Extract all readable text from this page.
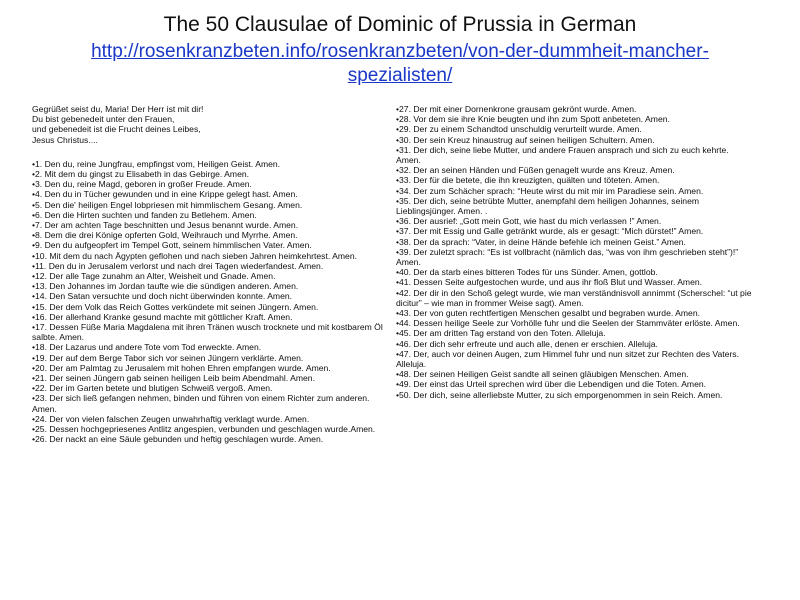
The 50 Clausulae of Dominic of Prussia in German
http://rosenkranzbeten.info/rosenkranzbeten/von-der-dummheit-mancher-
spezialisten/
Gegrüßet seist du, Maria! Der Herr ist mit dir!
Du bist gebenedeit unter den Frauen,
und gebenedeit ist die Frucht deines Leibes,
Jesus Christus....
•1. Den du, reine Jungfrau, empfingst vom, Heiligen Geist. Amen.
•2. Mit dem du gingst zu Elisabeth in das Gebirge. Amen.
•3. Den du, reine Magd, geboren in großer Freude. Amen.
•4. Den du in Tücher gewunden und in eine Krippe gelegt hast. Amen.
•5. Den die' heiligen Engel lobpriesen mit himmlischem Gesang. Amen.
•6. Den die Hirten suchten und fanden zu Betlehem. Amen.
•7. Der am achten Tage beschnitten und Jesus benannt wurde. Amen.
•8. Dem die drei Könige opferten Gold, Weihrauch und Myrrhe. Amen.
•9. Den du aufgeopfert im Tempel Gott, seinem himmlischen Vater. Amen.
•10. Mit dem du nach Ägypten geflohen und nach sieben Jahren heimkehrtest. Amen.
•11. Den du in Jerusalem verlorst und nach drei Tagen wiederfandest. Amen.
•12. Der alle Tage zunahm an Alter, Weisheit und Gnade. Amen.
•13. Den Johannes im Jordan taufte wie die sündigen anderen. Amen.
•14. Den Satan versuchte und doch nicht überwinden konnte. Amen.
•15. Der dem Volk das Reich Gottes verkündete mit seinen Jüngern. Amen.
•16. Der allerhand Kranke gesund machte mit göttlicher Kraft. Amen.
•17. Dessen Füße Maria Magdalena mit ihren Tränen wusch trocknete und mit kostbarem Öl salbte. Amen.
•18. Der Lazarus und andere Tote vom Tod erweckte. Amen.
•19. Der auf dem Berge Tabor sich vor seinen Jüngern verklärte. Amen.
•20. Der am Palmtag zu Jerusalem mit hohen Ehren empfangen wurde. Amen.
•21. Der seinen Jüngern gab seinen heiligen Leib beim Abendmahl. Amen.
•22. Der im Garten betete und blutigen Schweiß vergoß. Amen.
•23. Der sich ließ gefangen nehmen, binden und führen von einem Richter zum anderen. Amen.
•24. Der von vielen falschen Zeugen unwahrhaftig verklagt wurde. Amen.
•25. Dessen hochgepriesenes Antlitz angespien, verbunden und geschlagen wurde.Amen.
•26. Der nackt an eine Säule gebunden und heftig geschlagen wurde. Amen.
•27. Der mit einer Dornenkrone grausam gekrönt wurde. Amen.
•28. Vor dem sie ihre Knie beugten und ihn zum Spott anbeteten. Amen.
•29. Der zu einem Schandtod unschuldig verurteilt wurde. Amen.
•30. Der sein Kreuz hinaustrug auf seinen heiligen Schultern. Amen.
•31. Der dich, seine liebe Mutter, und andere Frauen ansprach und sich zu euch kehrte. Amen.
•32. Der an seinen Händen und Füßen genagelt wurde ans Kreuz. Amen.
•33. Der für die betete, die ihn kreuzigten, quälten und töteten. Amen.
•34. Der zum Schächer sprach: “Heute wirst du mit mir im Paradiese sein. Amen.
•35. Der dich, seine betrübte Mutter, anempfahl dem heiligen Johannes, seinem Lieblingsjünger. Amen. .
•36. Der ausrief: „Gott mein Gott, wie hast du mich verlassen !” Amen.
•37. Der mit Essig und Galle getränkt wurde, als er gesagt: “Mich dürstet!” Amen.
•38. Der da sprach: “Vater, in deine Hände befehle ich meinen Geist.” Amen.
•39. Der zuletzt sprach: “Es ist vollbracht (nämlich das, “was von ihm geschrieben steht”)!” Amen.
•40. Der da starb eines bitteren Todes für uns Sünder. Amen, gottlob.
•41. Dessen Seite aufgestochen wurde, und aus ihr floß Blut und Wasser. Amen.
•42. Der dir in den Schoß gelegt wurde, wie man verständnisvoll annimmt (Scherschel: “ut pie dicitur” – wie man in frommer Weise sagt). Amen.
•43. Der von guten rechtfertigen Menschen gesalbt und begraben wurde. Amen.
•44. Dessen heilige Seele zur Vorhölle fuhr und die Seelen der Stammväter erlöste. Amen.
•45. Der am dritten Tag erstand von den Toten. Alleluja.
•46. Der dich sehr erfreute und auch alle, denen er erschien. Alleluja.
•47. Der, auch vor deinen Augen, zum Himmel fuhr und nun sitzet zur Rechten des Vaters. Alleluja.
•48. Der seinen Heiligen Geist sandte all seinen gläubigen Menschen. Amen.
•49. Der einst das Urteil sprechen wird über die Lebendigen und die Toten. Amen.
•50. Der dich, seine allerliebste Mutter, zu sich emporgenommen in sein Reich. Amen.
